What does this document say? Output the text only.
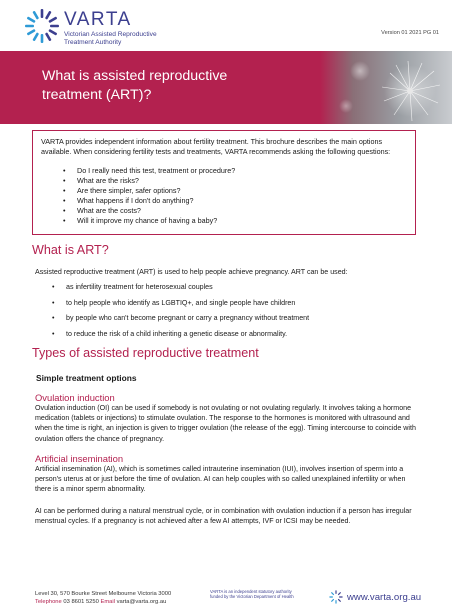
VARTA
Victorian Assisted Reproductive
Treatment Authority
Version 01 2021 PG 01
What is assisted reproductive
treatment (ART)?

VARTA provides independent information about fertility treatment. This brochure describes the main options available. When considering fertility tests and treatments, VARTA recommends asking the following questions:

• Do I really need this test, treatment or procedure?
• What are the risks?
• Are there simpler, safer options?
• What happens if I don't do anything?
• What are the costs?
• Will it improve my chance of having a baby?
What is ART?
Assisted reproductive treatment (ART) is used to help people achieve pregnancy. ART can be used:
• as infertility treatment for heterosexual couples
• to help people who identify as LGBTIQ+, and single people have children
• by people who can't become pregnant or carry a pregnancy without treatment
• to reduce the risk of a child inheriting a genetic disease or abnormality.
Types of assisted reproductive treatment
Simple treatment options
Ovulation induction
Ovulation induction (OI) can be used if somebody is not ovulating or not ovulating regularly. It involves taking a hormone medication (tablets or injections) to stimulate ovulation. The response to the hormones is monitored with ultrasound and when the time is right, an injection is given to trigger ovulation (the release of the egg). Timing intercourse to coincide with ovulation offers the chance of pregnancy.
Artificial insemination
Artificial insemination (AI), which is sometimes called intrauterine insemination (IUI), involves insertion of sperm into a person's uterus at or just before the time of ovulation. AI can help couples with so called unexplained infertility or when there is a minor sperm abnormality.
AI can be performed during a natural menstrual cycle, or in combination with ovulation induction if a person has irregular menstrual cycles. If a pregnancy is not achieved after a few AI attempts, IVF or ICSI may be needed.
Level 30, 570 Bourke Street Melbourne Victoria 3000
Telephone 03 8601 5250 Email varta@varta.org.au
VARTA is an independent statutory authority funded by the Victorian Department of Health	www.varta.org.au
